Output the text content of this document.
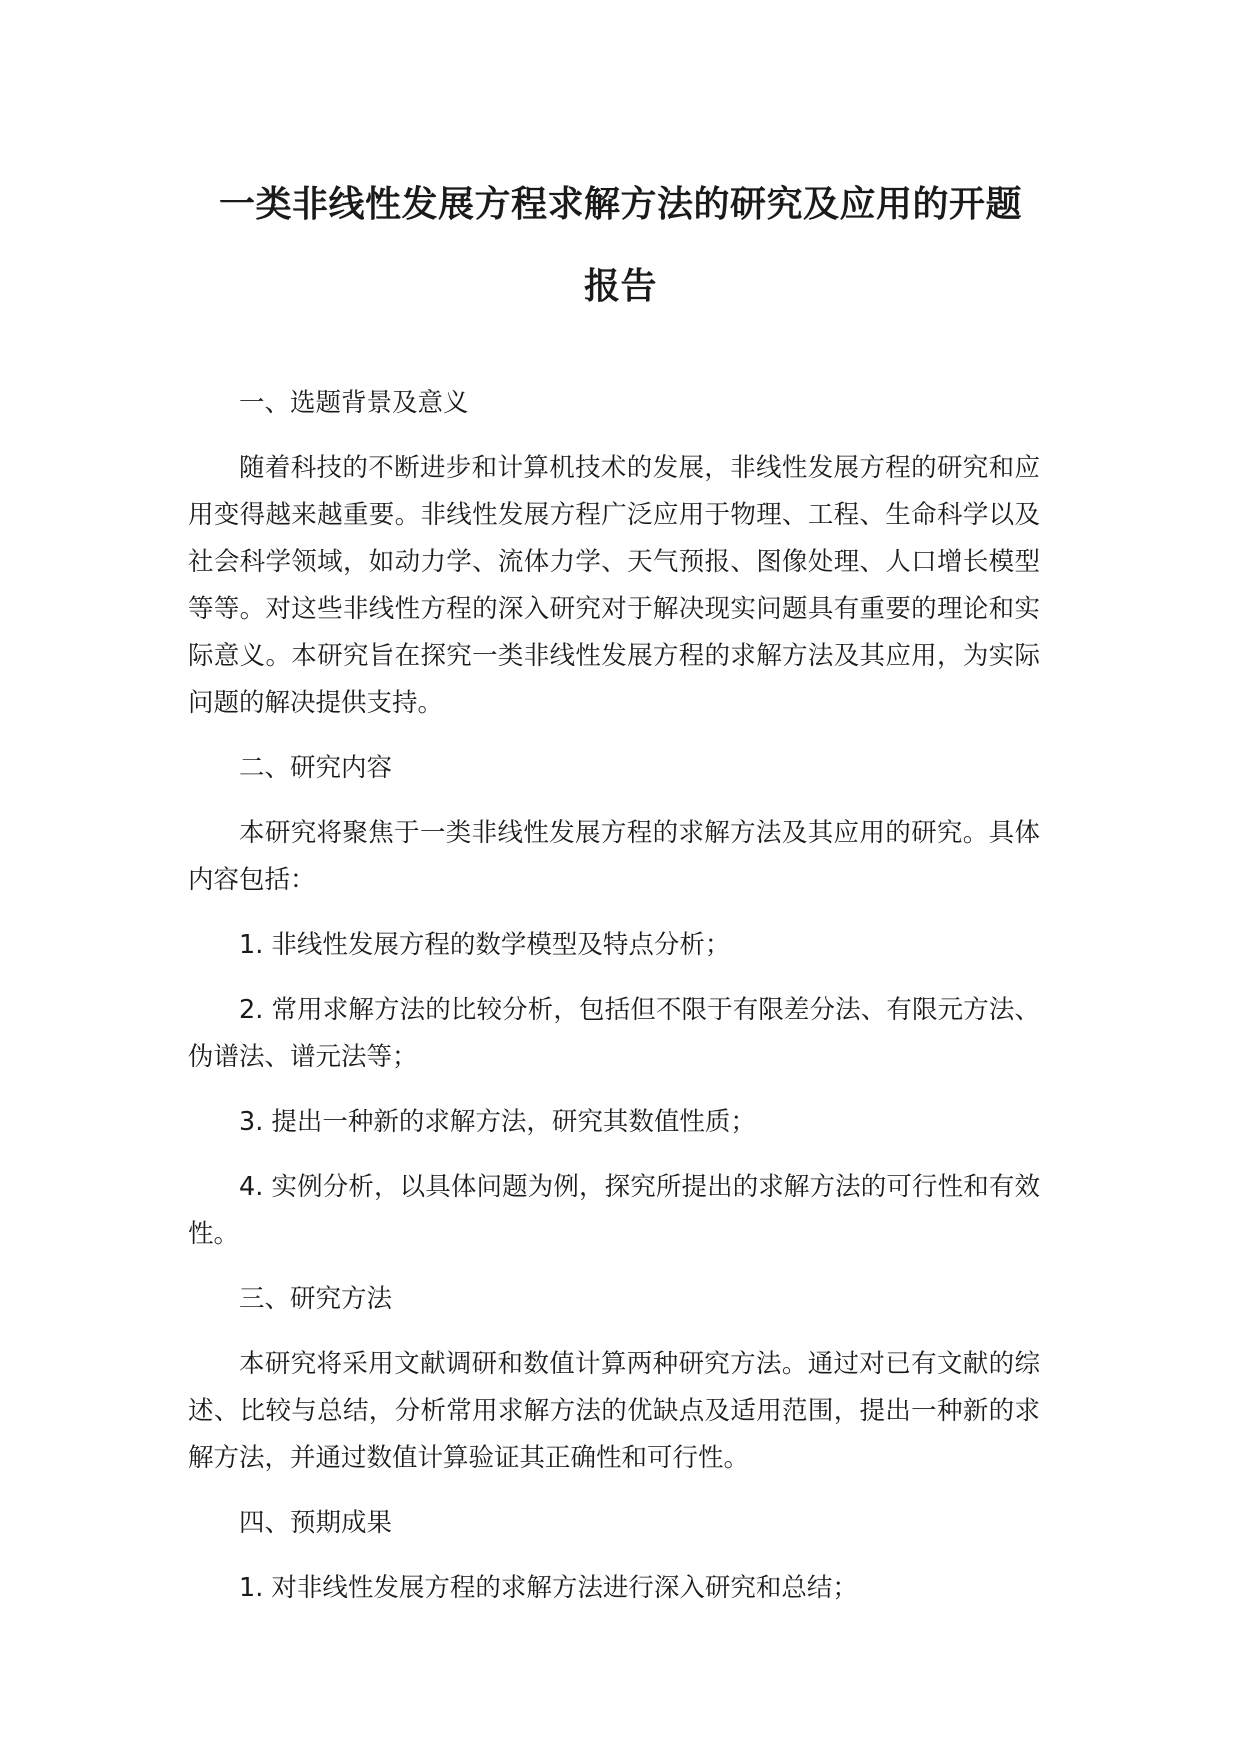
一类非线性发展方程求解方法的研究及应用的开题
报告

一、选题背景及意义

随着科技的不断进步和计算机技术的发展，非线性发展方程的研究和应用变得越来越重要。非线性发展方程广泛应用于物理、工程、生命科学以及社会科学领域，如动力学、流体力学、天气预报、图像处理、人口增长模型等等。对这些非线性方程的深入研究对于解决现实问题具有重要的理论和实际意义。本研究旨在探究一类非线性发展方程的求解方法及其应用，为实际问题的解决提供支持。

二、研究内容

本研究将聚焦于一类非线性发展方程的求解方法及其应用的研究。具体内容包括：

1. 非线性发展方程的数学模型及特点分析；

2. 常用求解方法的比较分析，包括但不限于有限差分法、有限元方法、伪谱法、谱元法等；

3. 提出一种新的求解方法，研究其数值性质；

4. 实例分析，以具体问题为例，探究所提出的求解方法的可行性和有效性。

三、研究方法

本研究将采用文献调研和数值计算两种研究方法。通过对已有文献的综述、比较与总结，分析常用求解方法的优缺点及适用范围，提出一种新的求解方法，并通过数值计算验证其正确性和可行性。

四、预期成果

1. 对非线性发展方程的求解方法进行深入研究和总结；
